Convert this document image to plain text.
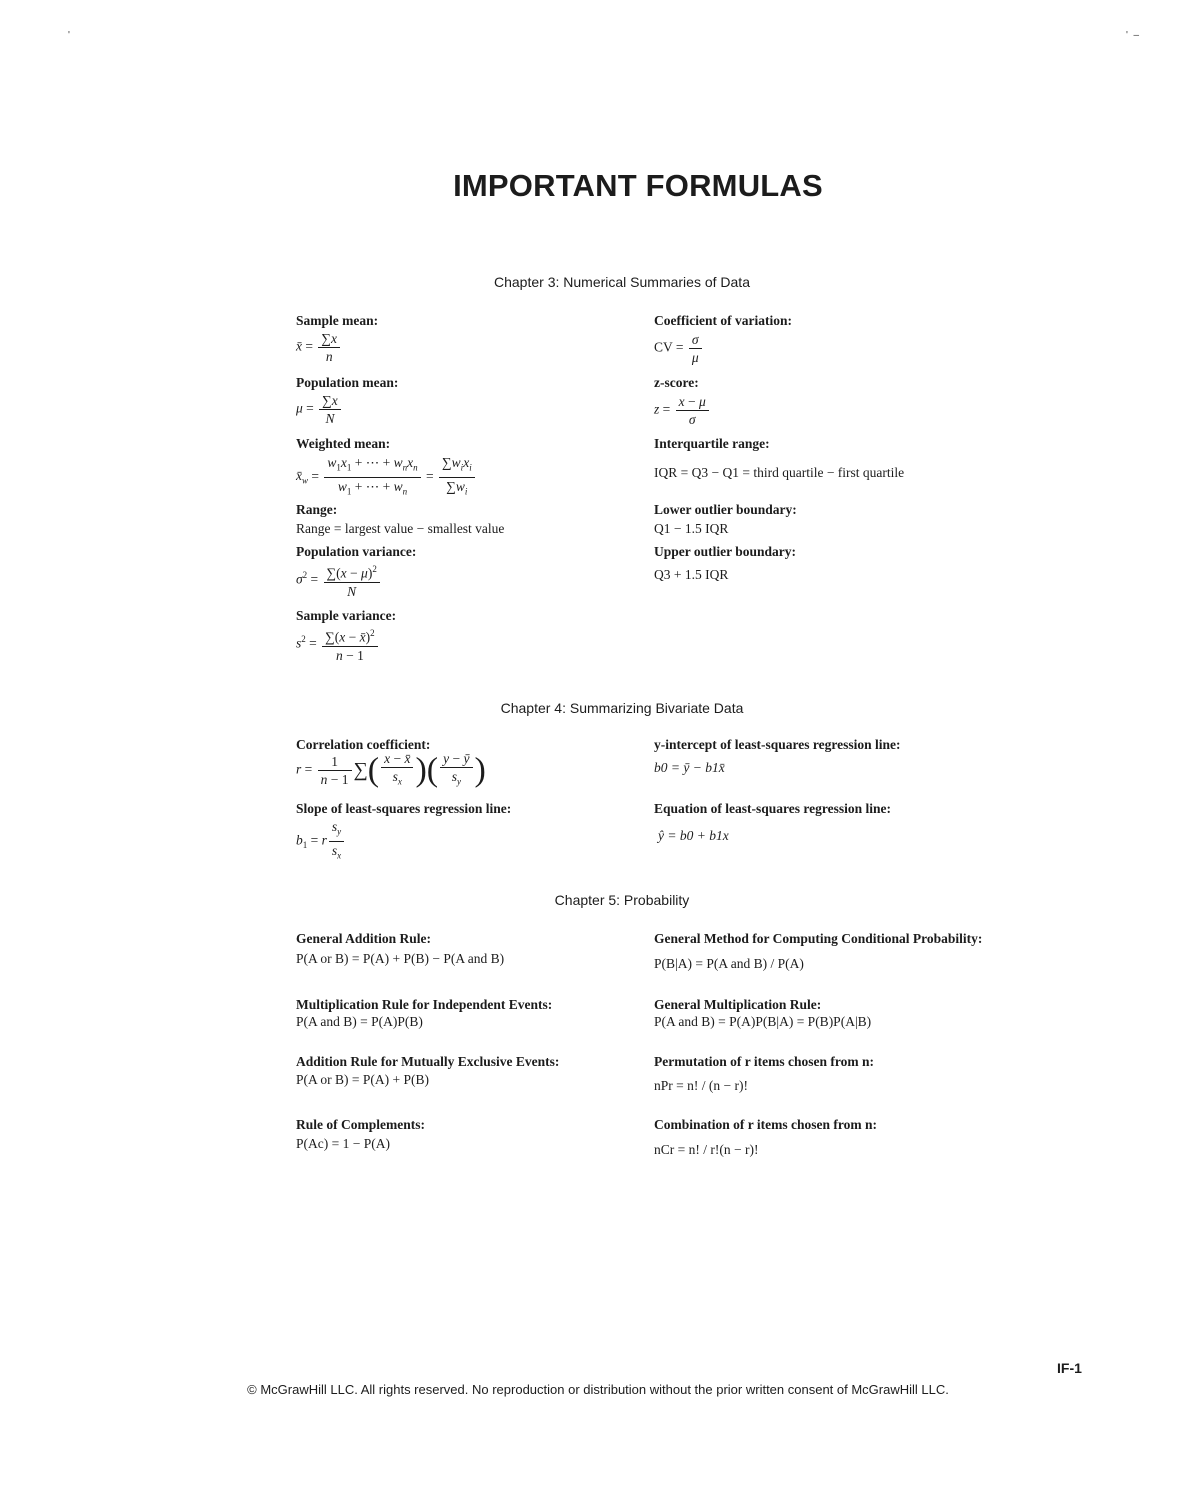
'	'  –
IMPORTANT FORMULAS
Chapter 3: Numerical Summaries of Data
Sample mean:
x̄ = $\frac{\sum x}{n}$
Population mean:
$\mu = \frac{\sum x}{N}$
Weighted mean:
$x̄_w = \frac{w_1x_1 + \cdots + w_nx_n}{w_1 + \cdots + w_n} = \frac{\sum w_ix_i}{\sum w_i}$
Range:
Range = largest value − smallest value
Population variance:
$\sigma^2 = \frac{\sum(x - \mu)^2}{N}$
Sample variance:
$s^2 = \frac{\sum(x - x̄)^2}{n - 1}$
Coefficient of variation:
CV = $\frac{\sigma}{\mu}$
z-score:
$z = \frac{x - \mu}{\sigma}$
Interquartile range:
IQR = Q3 − Q1 = third quartile − first quartile
Lower outlier boundary:
Q1 − 1.5 IQR
Upper outlier boundary:
Q3 + 1.5 IQR
Chapter 4: Summarizing Bivariate Data
Correlation coefficient:
$r = \frac{1}{n - 1}$ ∑( $\frac{x - x̄}{s_x}$ )( $\frac{y - ȳ}{s_y}$ )
Slope of least-squares regression line:
$b_1 = r \frac{s_y}{s_x}$
y-intercept of least-squares regression line:
b0 = ȳ − b1x̄
Equation of least-squares regression line:
ŷ = b0 + b1x
Chapter 5: Probability
General Addition Rule:
P(A or B) = P(A) + P(B) − P(A and B)
Multiplication Rule for Independent Events:
P(A and B) = P(A)P(B)
Addition Rule for Mutually Exclusive Events:
P(A or B) = P(A) + P(B)
Rule of Complements:
P(Ac) = 1 − P(A)
General Method for Computing Conditional Probability:
P(B|A) = P(A and B) / P(A)
General Multiplication Rule:
P(A and B) = P(A)P(B|A) = P(B)P(A|B)
Permutation of r items chosen from n:
nPr = n! / (n − r)!
Combination of r items chosen from n:
nCr = n! / r!(n − r)!
IF-1
© McGrawHill LLC. All rights reserved. No reproduction or distribution without the prior written consent of McGrawHill LLC.
